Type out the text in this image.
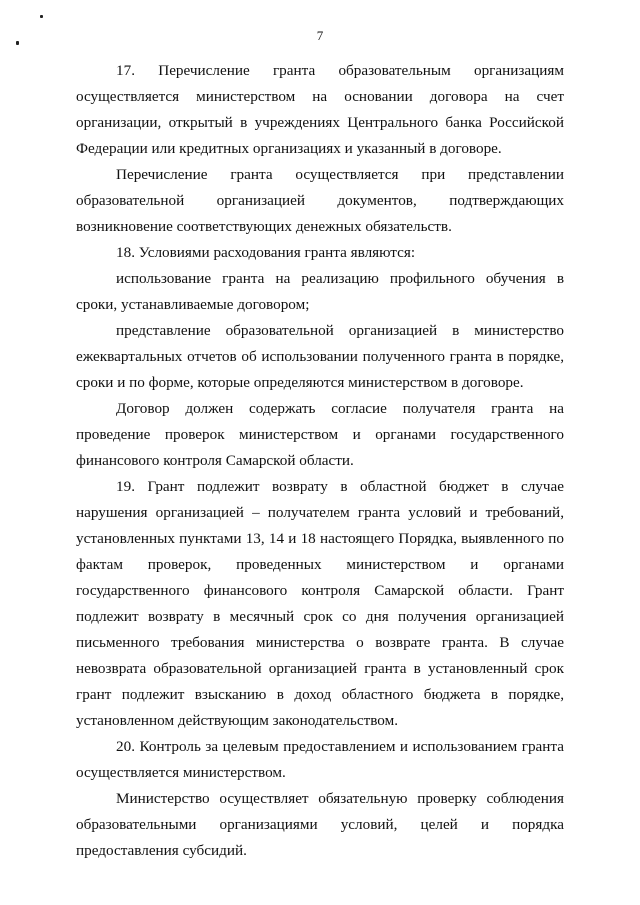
7

17. Перечисление гранта образовательным организациям осуществляется министерством на основании договора на счет организации, открытый в учреждениях Центрального банка Российской Федерации или кредитных организациях и указанный в договоре.

Перечисление гранта осуществляется при представлении образовательной организацией документов, подтверждающих возникновение соответствующих денежных обязательств.

18. Условиями расходования гранта являются:

использование гранта на реализацию профильного обучения в сроки, устанавливаемые договором;

представление образовательной организацией в министерство ежеквартальных отчетов об использовании полученного гранта в порядке, сроки и по форме, которые определяются министерством в договоре.

Договор должен содержать согласие получателя гранта на проведение проверок министерством и органами государственного финансового контроля Самарской области.

19. Грант подлежит возврату в областной бюджет в случае нарушения организацией – получателем гранта условий и требований, установленных пунктами 13, 14 и 18 настоящего Порядка, выявленного по фактам проверок, проведенных министерством и органами государственного финансового контроля Самарской области. Грант подлежит возврату в месячный срок со дня получения организацией письменного требования министерства о возврате гранта. В случае невозврата образовательной организацией гранта в установленный срок грант подлежит взысканию в доход областного бюджета в порядке, установленном действующим законодательством.

20. Контроль за целевым предоставлением и использованием гранта осуществляется министерством.

Министерство осуществляет обязательную проверку соблюдения образовательными организациями условий, целей и порядка предоставления субсидий.
